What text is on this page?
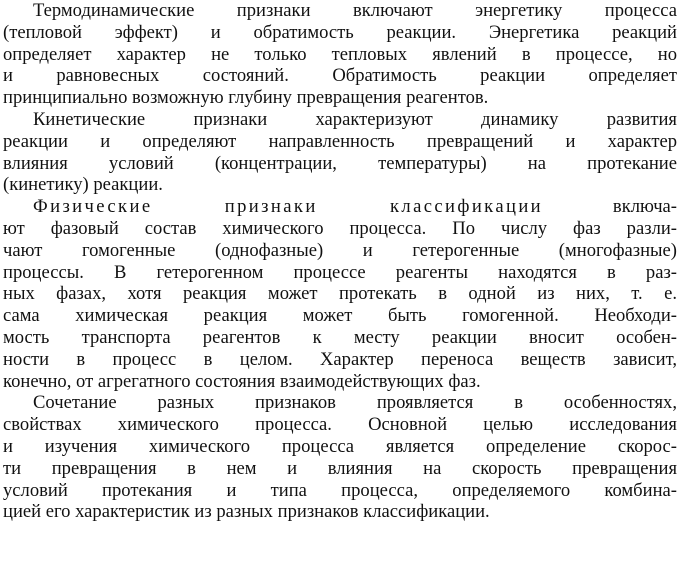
Термодинамические признаки включают энергетику процесса
(тепловой эффект) и обратимость реакции. Энергетика реакций
определяет характер не только тепловых явлений в процессе, но
и равновесных состояний. Обратимость реакции определяет
принципиально возможную глубину превращения реагентов.
Кинетические признаки характеризуют динамику развития
реакции и определяют направленность превращений и характер
влияния условий (концентрации, температуры) на протекание
(кинетику) реакции.
Физические признаки классификации	включа-
ют фазовый состав химического процесса. По числу фаз разли-
чают гомогенные (однофазные) и гетерогенные (многофазные)
процессы. В гетерогенном процессе реагенты находятся в раз-
ных фазах, хотя реакция может протекать в одной из них, т. е.
сама химическая реакция может быть гомогенной. Необходи-
мость транспорта реагентов к месту реакции вносит особен-
ности в процесс в целом. Характер переноса веществ зависит,
конечно, от агрегатного состояния взаимодействующих фаз.
Сочетание разных признаков проявляется в особенностях,
свойствах химического процесса. Основной целью исследования
и изучения химического процесса является определение скорос-
ти превращения в нем и влияния на скорость превращения
условий протекания и типа процесса, определяемого комбина-
цией его характеристик из разных признаков классификации.
